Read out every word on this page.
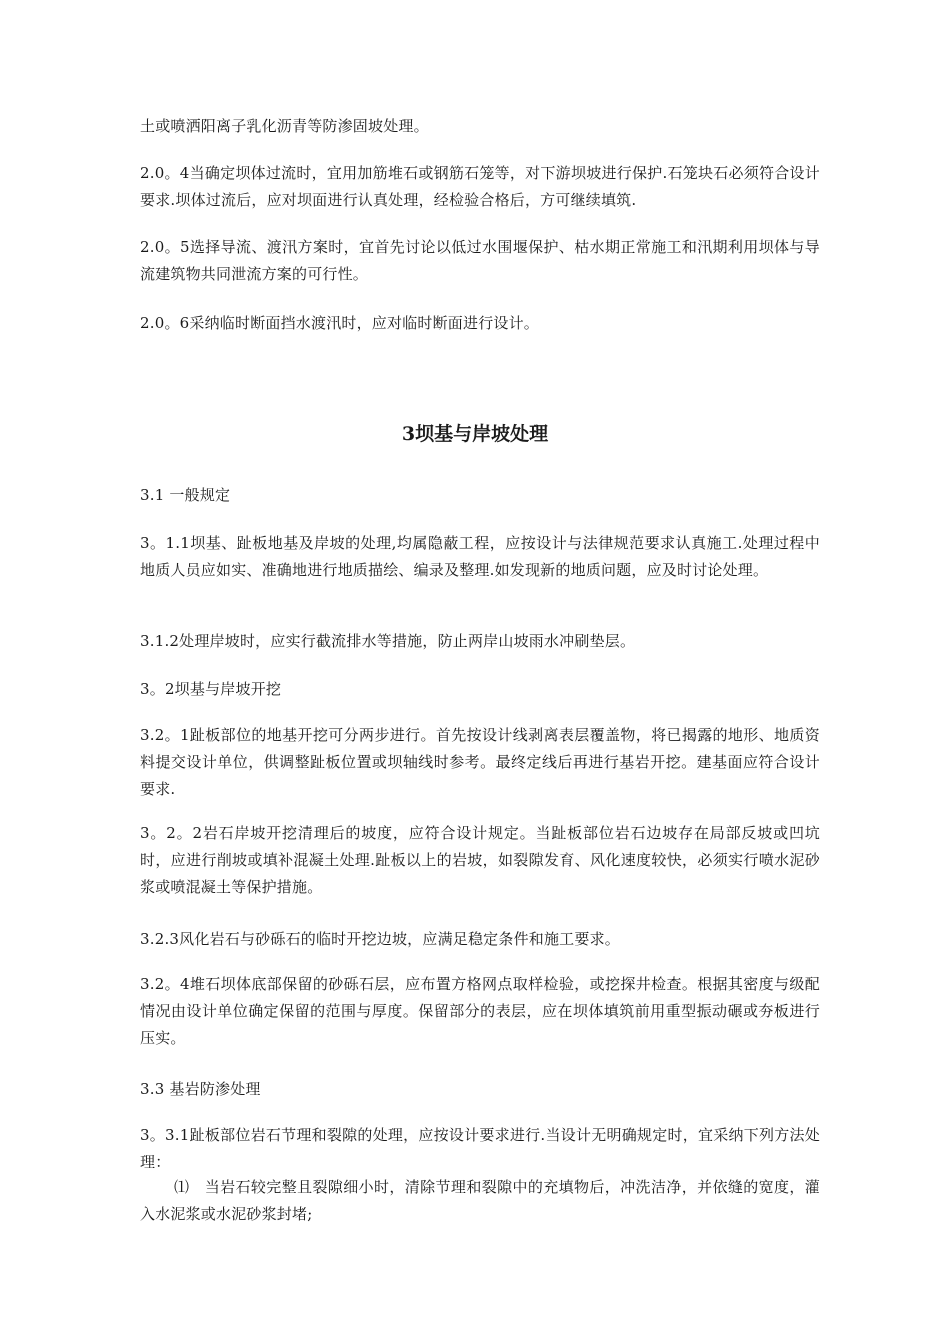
土或喷洒阳离子乳化沥青等防渗固坡处理。

2.0。4当确定坝体过流时，宜用加筋堆石或钢筋石笼等，对下游坝坡进行保护.石笼块石必须符合设计要求.坝体过流后，应对坝面进行认真处理，经检验合格后，方可继续填筑.

2.0。5选择导流、渡汛方案时，宜首先讨论以低过水围堰保护、枯水期正常施工和汛期利用坝体与导流建筑物共同泄流方案的可行性。

2.0。6采纳临时断面挡水渡汛时，应对临时断面进行设计。

3坝基与岸坡处理

3.1 一般规定

3。1.1坝基、趾板地基及岸坡的处理,均属隐蔽工程，应按设计与法律规范要求认真施工.处理过程中地质人员应如实、准确地进行地质描绘、编录及整理.如发现新的地质问题，应及时讨论处理。

3.1.2处理岸坡时，应实行截流排水等措施，防止两岸山坡雨水冲刷垫层。

3。2坝基与岸坡开挖

3.2。1趾板部位的地基开挖可分两步进行。首先按设计线剥离表层覆盖物，将已揭露的地形、地质资料提交设计单位，供调整趾板位置或坝轴线时参考。最终定线后再进行基岩开挖。建基面应符合设计要求.

3。2。2岩石岸坡开挖清理后的坡度，应符合设计规定。当趾板部位岩石边坡存在局部反坡或凹坑时，应进行削坡或填补混凝土处理.趾板以上的岩坡，如裂隙发育、风化速度较快，必须实行喷水泥砂浆或喷混凝土等保护措施。

3.2.3风化岩石与砂砾石的临时开挖边坡，应满足稳定条件和施工要求。

3.2。4堆石坝体底部保留的砂砾石层，应布置方格网点取样检验，或挖探井检查。根据其密度与级配情况由设计单位确定保留的范围与厚度。保留部分的表层，应在坝体填筑前用重型振动碾或夯板进行压实。

3.3 基岩防渗处理

3。3.1趾板部位岩石节理和裂隙的处理，应按设计要求进行.当设计无明确规定时，宜采纳下列方法处理：

⑴　当岩石较完整且裂隙细小时，清除节理和裂隙中的充填物后，冲洗洁净，并依缝的宽度，灌入水泥浆或水泥砂浆封堵;
